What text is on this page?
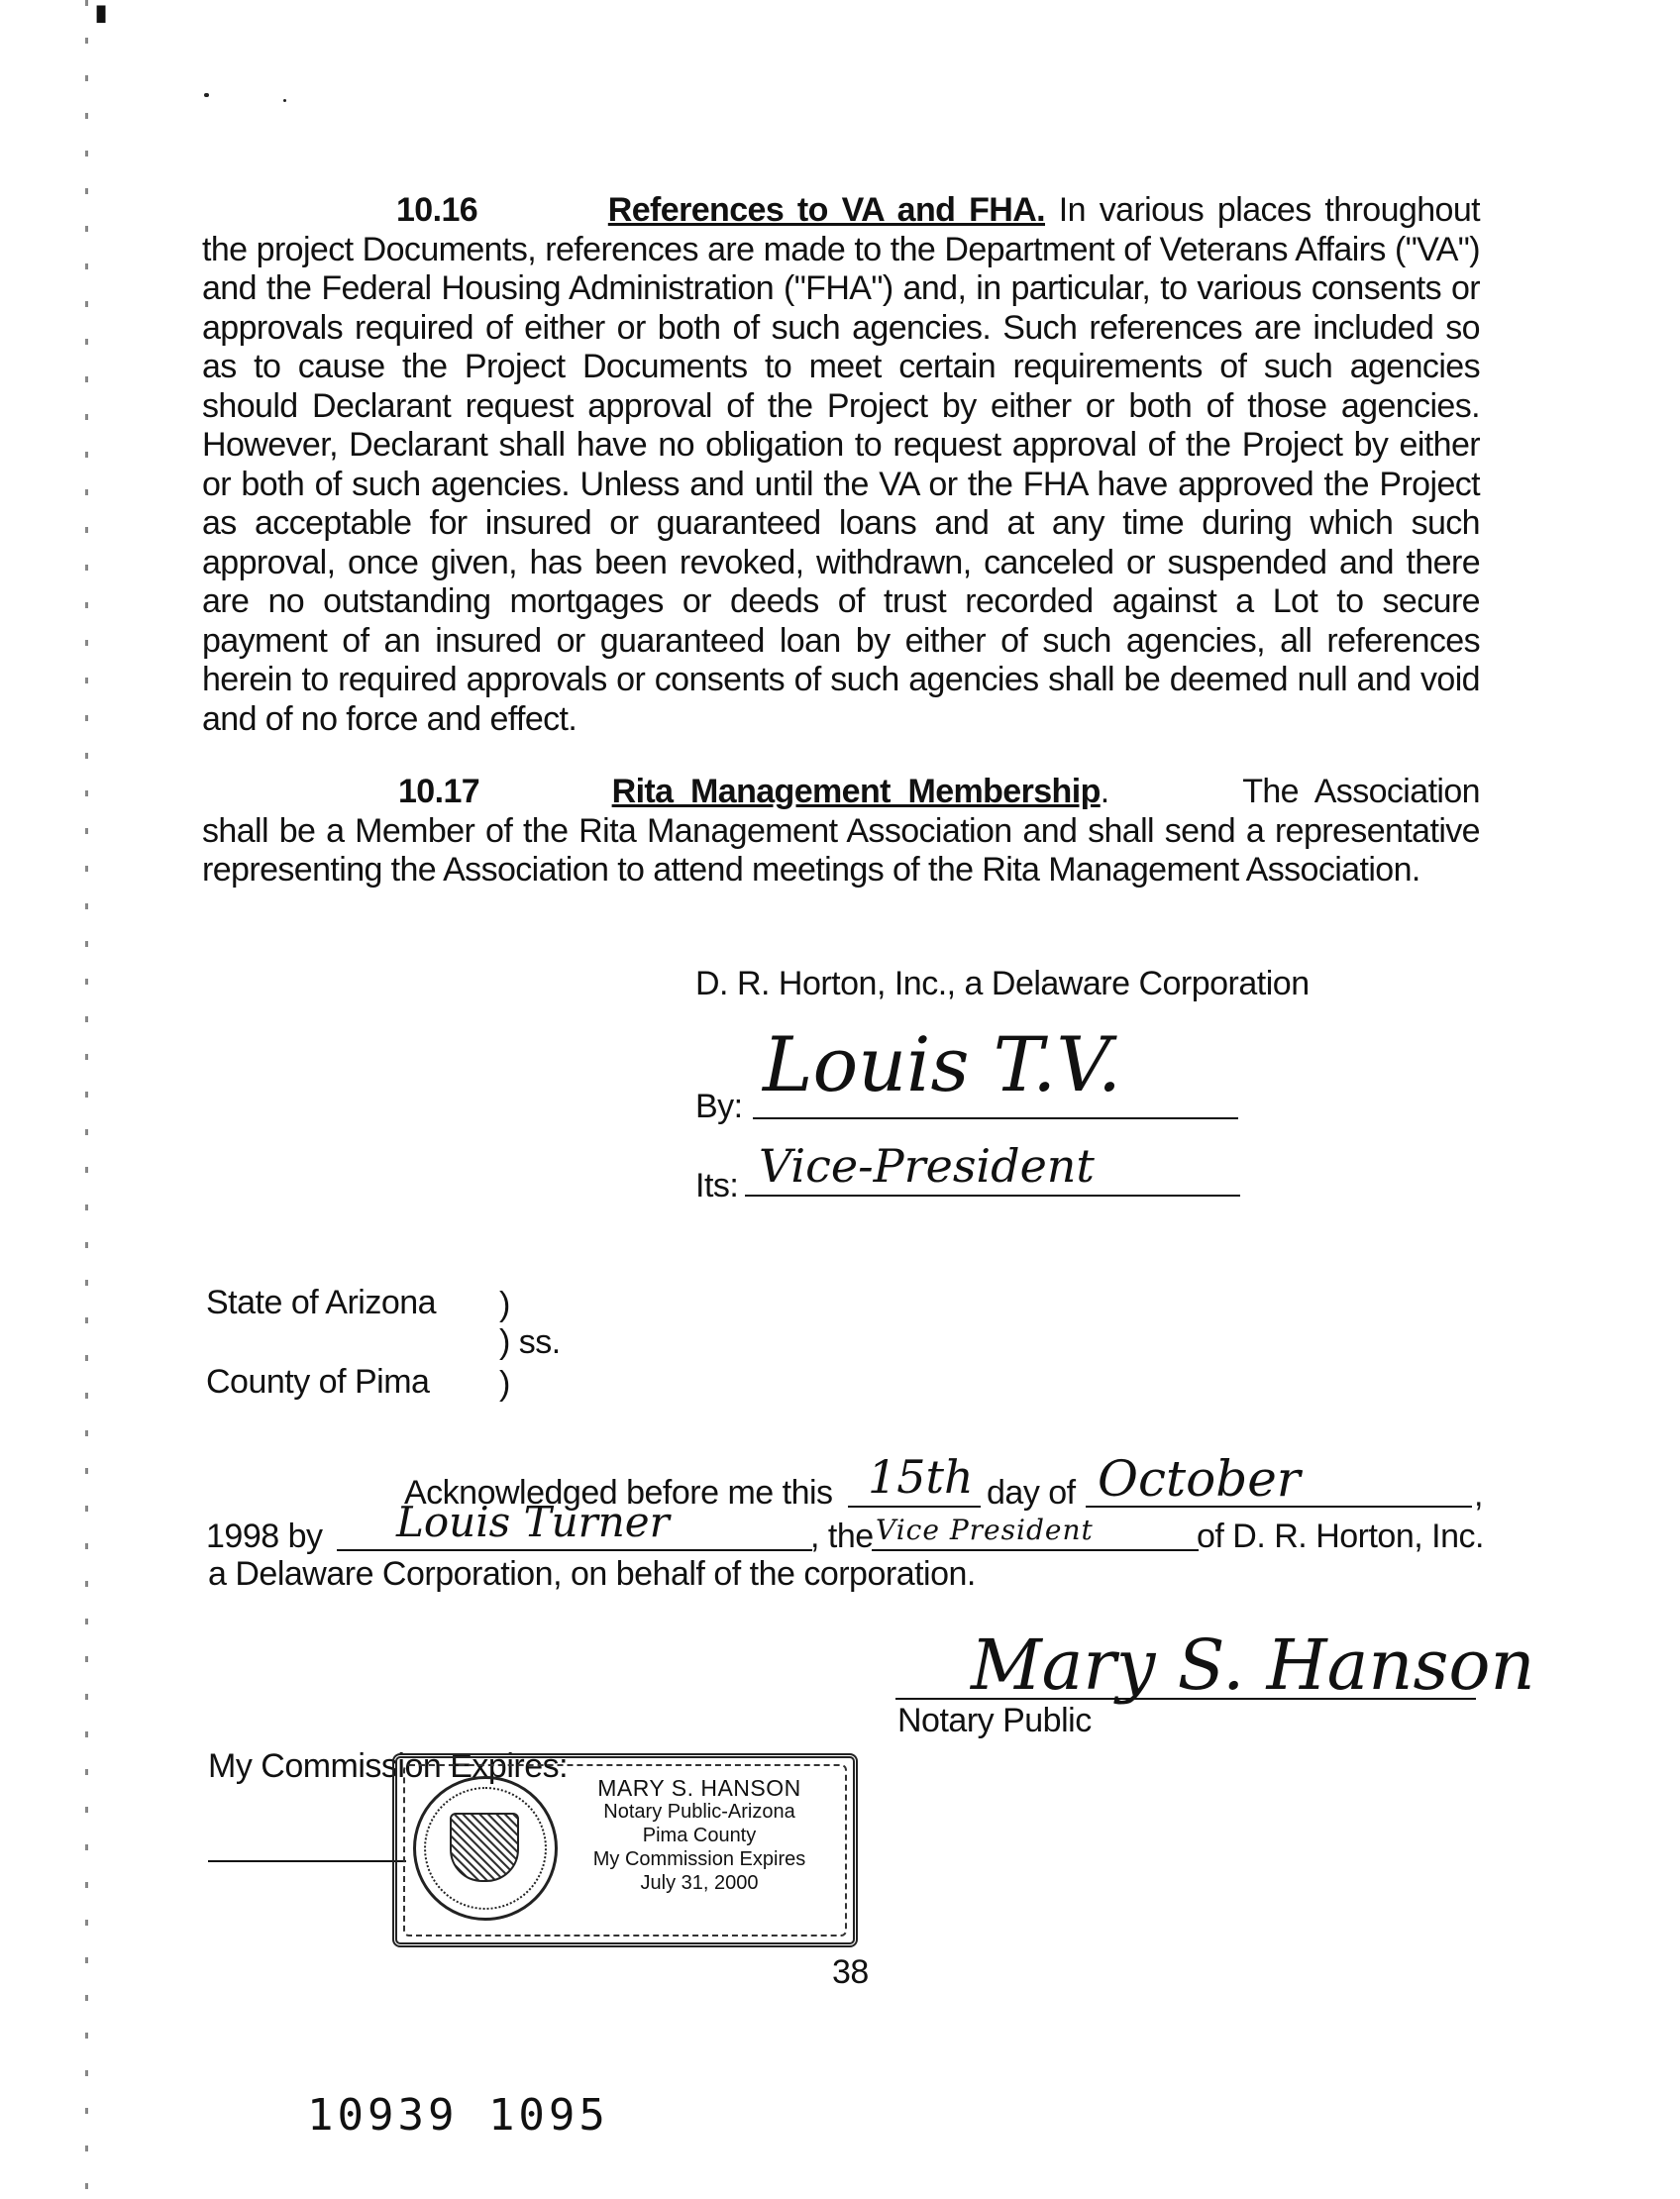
▮
10.16	References to VA and FHA. In various places throughout the project Documents, references are made to the Department of Veterans Affairs ("VA") and the Federal Housing Administration ("FHA") and, in particular, to various consents or approvals required of either or both of such agencies. Such references are included so as to cause the Project Documents to meet certain requirements of such agencies should Declarant request approval of the Project by either or both of those agencies. However, Declarant shall have no obligation to request approval of the Project by either or both of such agencies. Unless and until the VA or the FHA have approved the Project as acceptable for insured or guaranteed loans and at any time during which such approval, once given, has been revoked, withdrawn, canceled or suspended and there are no outstanding mortgages or deeds of trust recorded against a Lot to secure payment of an insured or guaranteed loan by either of such agencies, all references herein to required approvals or consents of such agencies shall be deemed null and void and of no force and effect.
10.17	Rita Management Membership.	The Association shall be a Member of the Rita Management Association and shall send a representative representing the Association to attend meetings of the Rita Management Association.
D. R. Horton, Inc., a Delaware Corporation
By: Louis T.V.
Its: Vice-President
State of Arizona )
) ss.
County of Pima )
Acknowledged before me this 15th day of October	,
1998 by Louis Turner	, the Vice President	of D. R. Horton, Inc.
a Delaware Corporation, on behalf of the corporation.
Mary S. Hanson
Notary Public
My Commission Expires:
MARY S. HANSON
Notary Public-Arizona
Pima County
My Commission Expires
July 31, 2000
38
10939 1095
